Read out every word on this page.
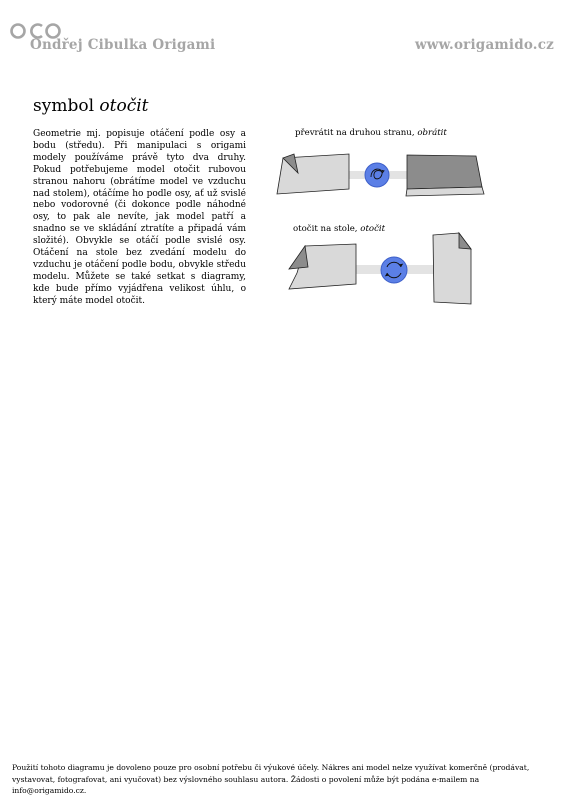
Ondřej Cibulka Origami	www.origamido.cz
symbol otočit
Geometrie mj. popisuje otáčení podle osy a bodu (středu). Při manipulaci s origami modely používáme právě tyto dva druhy. Pokud potřebujeme model otočit rubovou stranou nahoru (obrátíme model ve vzduchu nad stolem), otáčíme ho podle osy, ať už svislé nebo vodorovné (či dokonce podle náhodné osy, to pak ale nevíte, jak model patří a snadno se ve skládání ztratíte a připadá vám složité). Obvykle se otáčí podle svislé osy. Otáčení na stole bez zvedání modelu do vzduchu je otáčení podle bodu, obvykle středu modelu. Můžete se také setkat s diagramy, kde bude přímo vyjádřena velikost úhlu, o který máte model otočit.
převrátit na druhou stranu, obrátit
otočit na stole, otočit
Použití tohoto diagramu je dovoleno pouze pro osobní potřebu či výukové účely. Nákres ani model nelze využívat komerčně (prodávat, vystavovat, fotografovat, ani vyučovat) bez výslovného souhlasu autora. Žádosti o povolení může být podána e-mailem na info@origamido.cz.
